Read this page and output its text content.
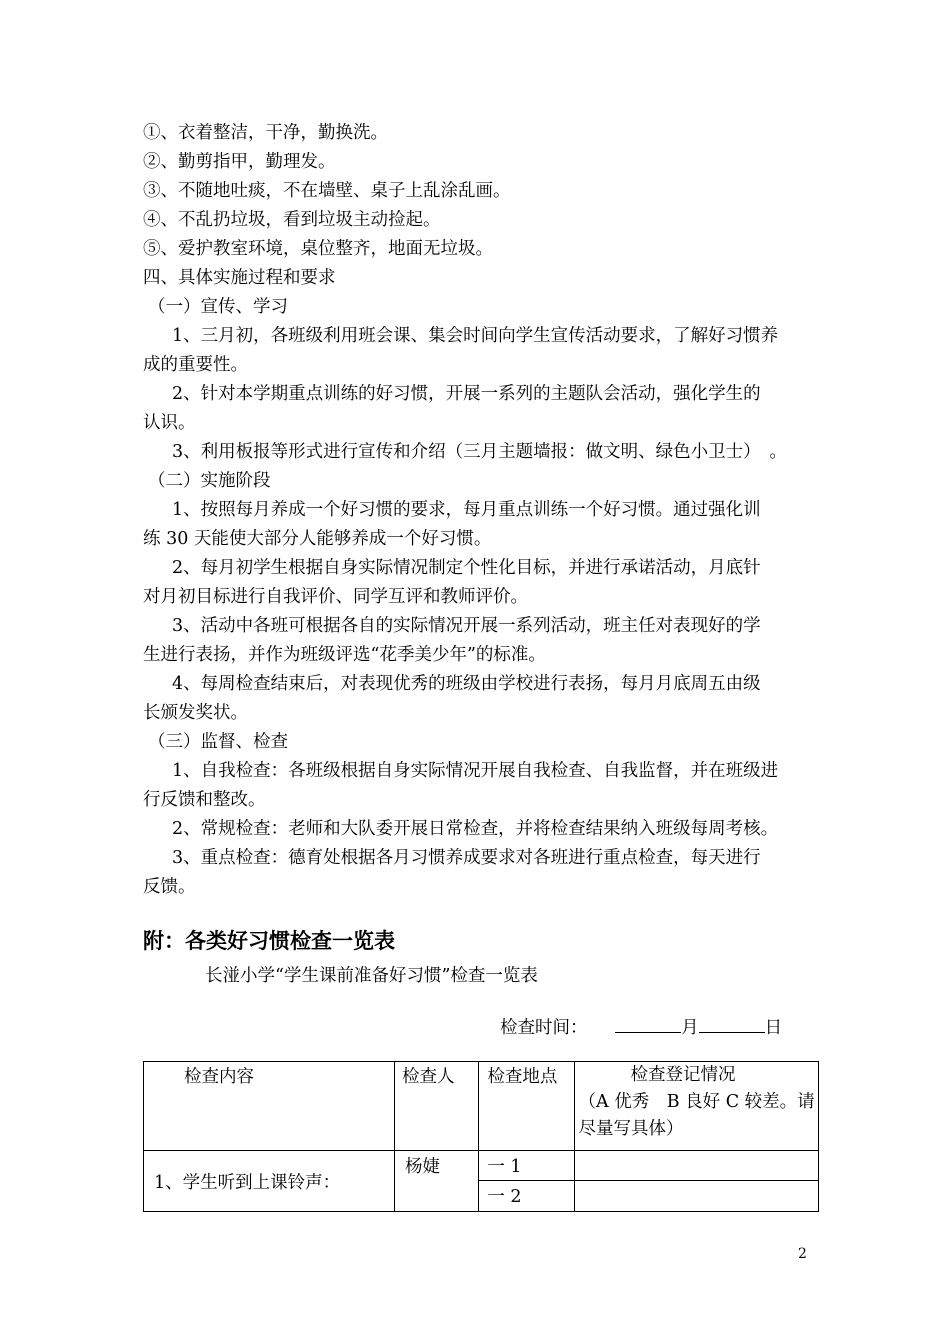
①、衣着整洁，干净，勤换洗。
②、勤剪指甲，勤理发。
③、不随地吐痰，不在墙壁、桌子上乱涂乱画。
④、不乱扔垃圾，看到垃圾主动捡起。
⑤、爱护教室环境，桌位整齐，地面无垃圾。
四、具体实施过程和要求
（一）宣传、学习
1、三月初，各班级利用班会课、集会时间向学生宣传活动要求，了解好习惯养
成的重要性。
2、针对本学期重点训练的好习惯，开展一系列的主题队会活动，强化学生的
认识。
3、利用板报等形式进行宣传和介绍（三月主题墙报：做文明、绿色小卫士）　。
（二）实施阶段
1、按照每月养成一个好习惯的要求，每月重点训练一个好习惯。通过强化训
练 30 天能使大部分人能够养成一个好习惯。
2、每月初学生根据自身实际情况制定个性化目标，并进行承诺活动，月底针
对月初目标进行自我评价、同学互评和教师评价。
3、活动中各班可根据各自的实际情况开展一系列活动，班主任对表现好的学
生进行表扬，并作为班级评选“花季美少年”的标准。
4、每周检查结束后，对表现优秀的班级由学校进行表扬，每月月底周五由级
长颁发奖状。
（三）监督、检查
1、自我检查：各班级根据自身实际情况开展自我检查、自我监督，并在班级进
行反馈和整改。
2、常规检查：老师和大队委开展日常检查，并将检查结果纳入班级每周考核。
3、重点检查：德育处根据各月习惯养成要求对各班进行重点检查，每天进行
反馈。
附：各类好习惯检查一览表
长湴小学“学生课前准备好习惯”检查一览表
检查时间：	月	日
检查内容	检查人	检查地点	检查登记情况
（A 优秀　B 良好 C 较差。请
尽量写具体）

1、学生听到上课铃声：	杨婕	一 1	
		一 2	
2
